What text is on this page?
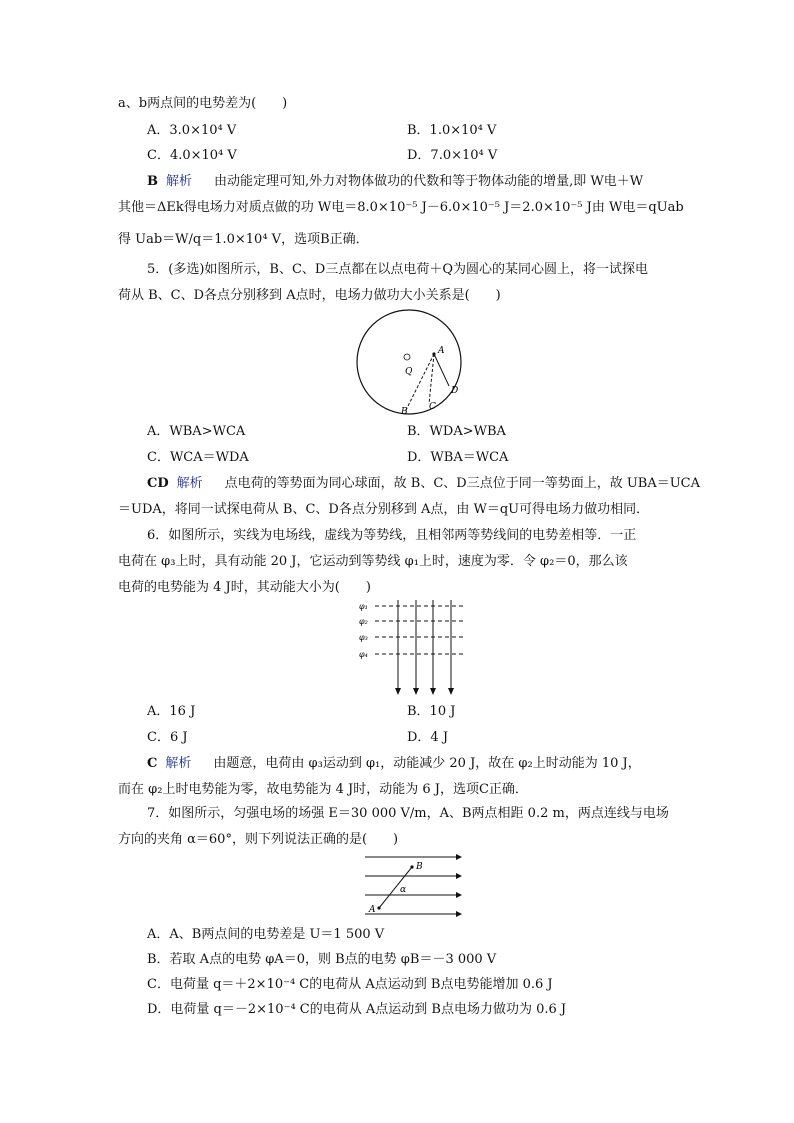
a、b两点间的电势差为(　　)
A．3.0×10⁴ V	B．1.0×10⁴ V
C．4.0×10⁴ V	D．7.0×10⁴ V
B 解析 由动能定理可知,外力对物体做功的代数和等于物体动能的增量,即 W电＋W
其他＝ΔEk得电场力对质点做的功 W电＝8.0×10⁻⁵ J－6.0×10⁻⁵ J＝2.0×10⁻⁵ J由 W电＝qUab
得 Uab＝W/q＝1.0×10⁴ V，选项B正确．
5．(多选)如图所示，B、C、D三点都在以点电荷＋Q为圆心的某同心圆上，将一试探电
荷从 B、C、D各点分别移到 A点时，电场力做功大小关系是(　　)
Q
A
B C
D
A．WBA>WCA	B．WDA>WBA
C．WCA＝WDA	D．WBA＝WCA
CD 解析 点电荷的等势面为同心球面，故 B、C、D三点位于同一等势面上，故 UBA＝UCA
＝UDA，将同一试探电荷从 B、C、D各点分别移到 A点，由 W＝qU可得电场力做功相同．
6．如图所示，实线为电场线，虚线为等势线，且相邻两等势线间的电势差相等．一正
电荷在 φ₃上时，具有动能 20 J，它运动到等势线 φ₁上时，速度为零．令 φ₂＝0，那么该
电荷的电势能为 4 J时，其动能大小为(　　)
φ₁
φ₂
φ₃
φ₄
A．16 J	B．10 J
C．6 J	D．4 J
C 解析 由题意，电荷由 φ₃运动到 φ₁，动能减少 20 J，故在 φ₂上时动能为 10 J，
而在 φ₂上时电势能为零，故电势能为 4 J时，动能为 6 J，选项C正确．
7．如图所示，匀强电场的场强 E＝30 000 V/m，A、B两点相距 0.2 m，两点连线与电场
方向的夹角 α＝60°，则下列说法正确的是(　　)
A
B
α
A．A、B两点间的电势差是 U＝1 500 V
B．若取 A点的电势 φA＝0，则 B点的电势 φB＝－3 000 V
C．电荷量 q＝＋2×10⁻⁴ C的电荷从 A点运动到 B点电势能增加 0.6 J
D．电荷量 q＝－2×10⁻⁴ C的电荷从 A点运动到 B点电场力做功为 0.6 J
